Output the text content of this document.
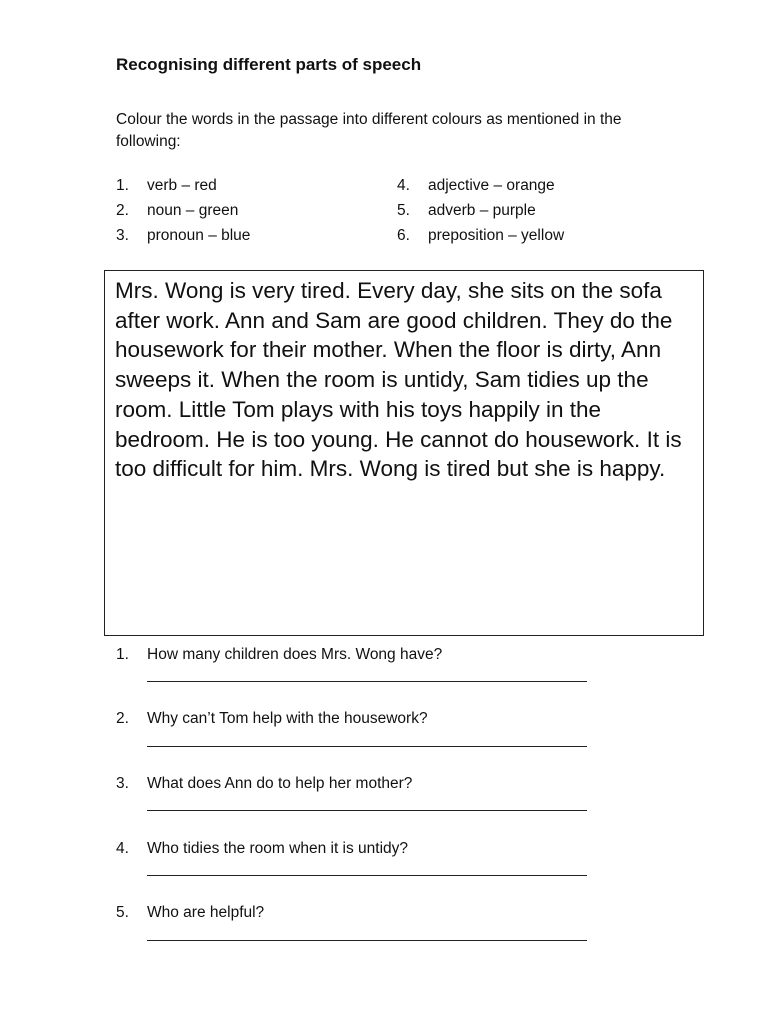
Recognising different parts of speech
Colour the words in the passage into different colours as mentioned in the following:
1. verb – red
2. noun – green
3. pronoun – blue
4. adjective – orange
5. adverb – purple
6. preposition – yellow
Mrs. Wong is very tired. Every day, she sits on the sofa after work. Ann and Sam are good children. They do the housework for their mother. When the floor is dirty, Ann sweeps it. When the room is untidy, Sam tidies up the room. Little Tom plays with his toys happily in the bedroom. He is too young. He cannot do housework. It is too difficult for him. Mrs. Wong is tired but she is happy.
1. How many children does Mrs. Wong have?
2. Why can’t Tom help with the housework?
3. What does Ann do to help her mother?
4. Who tidies the room when it is untidy?
5. Who are helpful?
